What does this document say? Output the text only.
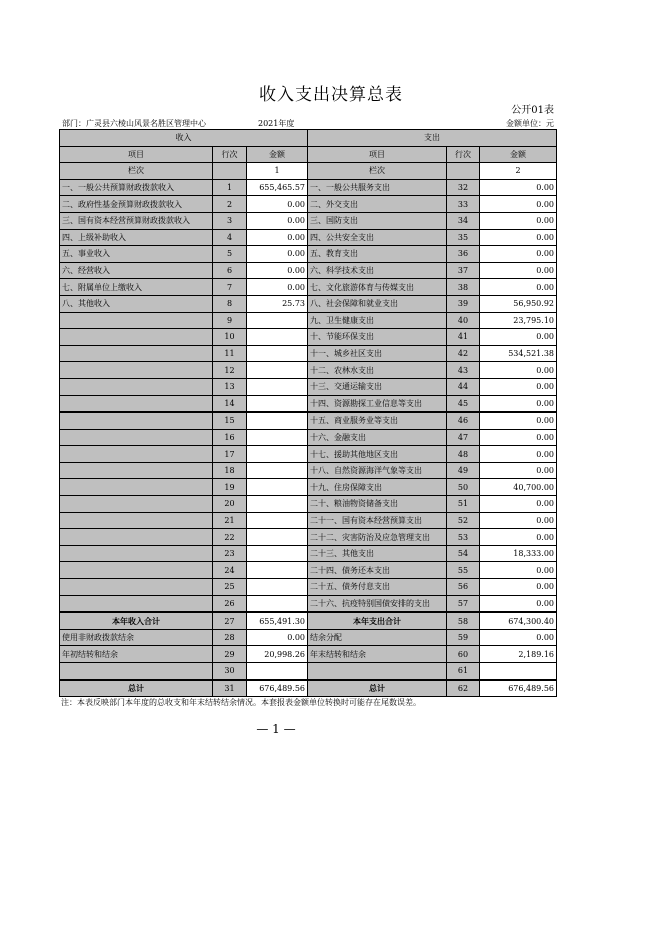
收入支出决算总表
公开01表
部门：广灵县六棱山风景名胜区管理中心	2021年度	金额单位：元
收入			支出		
项目	行次	金额	项目	行次	金额
栏次		1	栏次		2
一、一般公共预算财政拨款收入	1	655,465.57	一、一般公共服务支出	32	0.00
二、政府性基金预算财政拨款收入	2	0.00	二、外交支出	33	0.00
三、国有资本经营预算财政拨款收入	3	0.00	三、国防支出	34	0.00
四、上级补助收入	4	0.00	四、公共安全支出	35	0.00
五、事业收入	5	0.00	五、教育支出	36	0.00
六、经营收入	6	0.00	六、科学技术支出	37	0.00
七、附属单位上缴收入	7	0.00	七、文化旅游体育与传媒支出	38	0.00
八、其他收入	8	25.73	八、社会保障和就业支出	39	56,950.92
	9		九、卫生健康支出	40	23,795.10
	10		十、节能环保支出	41	0.00
	11		十一、城乡社区支出	42	534,521.38
	12		十二、农林水支出	43	0.00
	13		十三、交通运输支出	44	0.00
	14		十四、资源勘探工业信息等支出	45	0.00
	15		十五、商业服务业等支出	46	0.00
	16		十六、金融支出	47	0.00
	17		十七、援助其他地区支出	48	0.00
	18		十八、自然资源海洋气象等支出	49	0.00
	19		十九、住房保障支出	50	40,700.00
	20		二十、粮油物资储备支出	51	0.00
	21		二十一、国有资本经营预算支出	52	0.00
	22		二十二、灾害防治及应急管理支出	53	0.00
	23		二十三、其他支出	54	18,333.00
	24		二十四、债务还本支出	55	0.00
	25		二十五、债务付息支出	56	0.00
	26		二十六、抗疫特别国债安排的支出	57	0.00
本年收入合计	27	655,491.30	本年支出合计	58	674,300.40
使用非财政拨款结余	28	0.00	结余分配	59	0.00
年初结转和结余	29	20,998.26	年末结转和结余	60	2,189.16
	30			61	
总计	31	676,489.56	总计	62	676,489.56
注：本表反映部门本年度的总收支和年末结转结余情况。本套报表金额单位转换时可能存在尾数误差。
— 1 —
